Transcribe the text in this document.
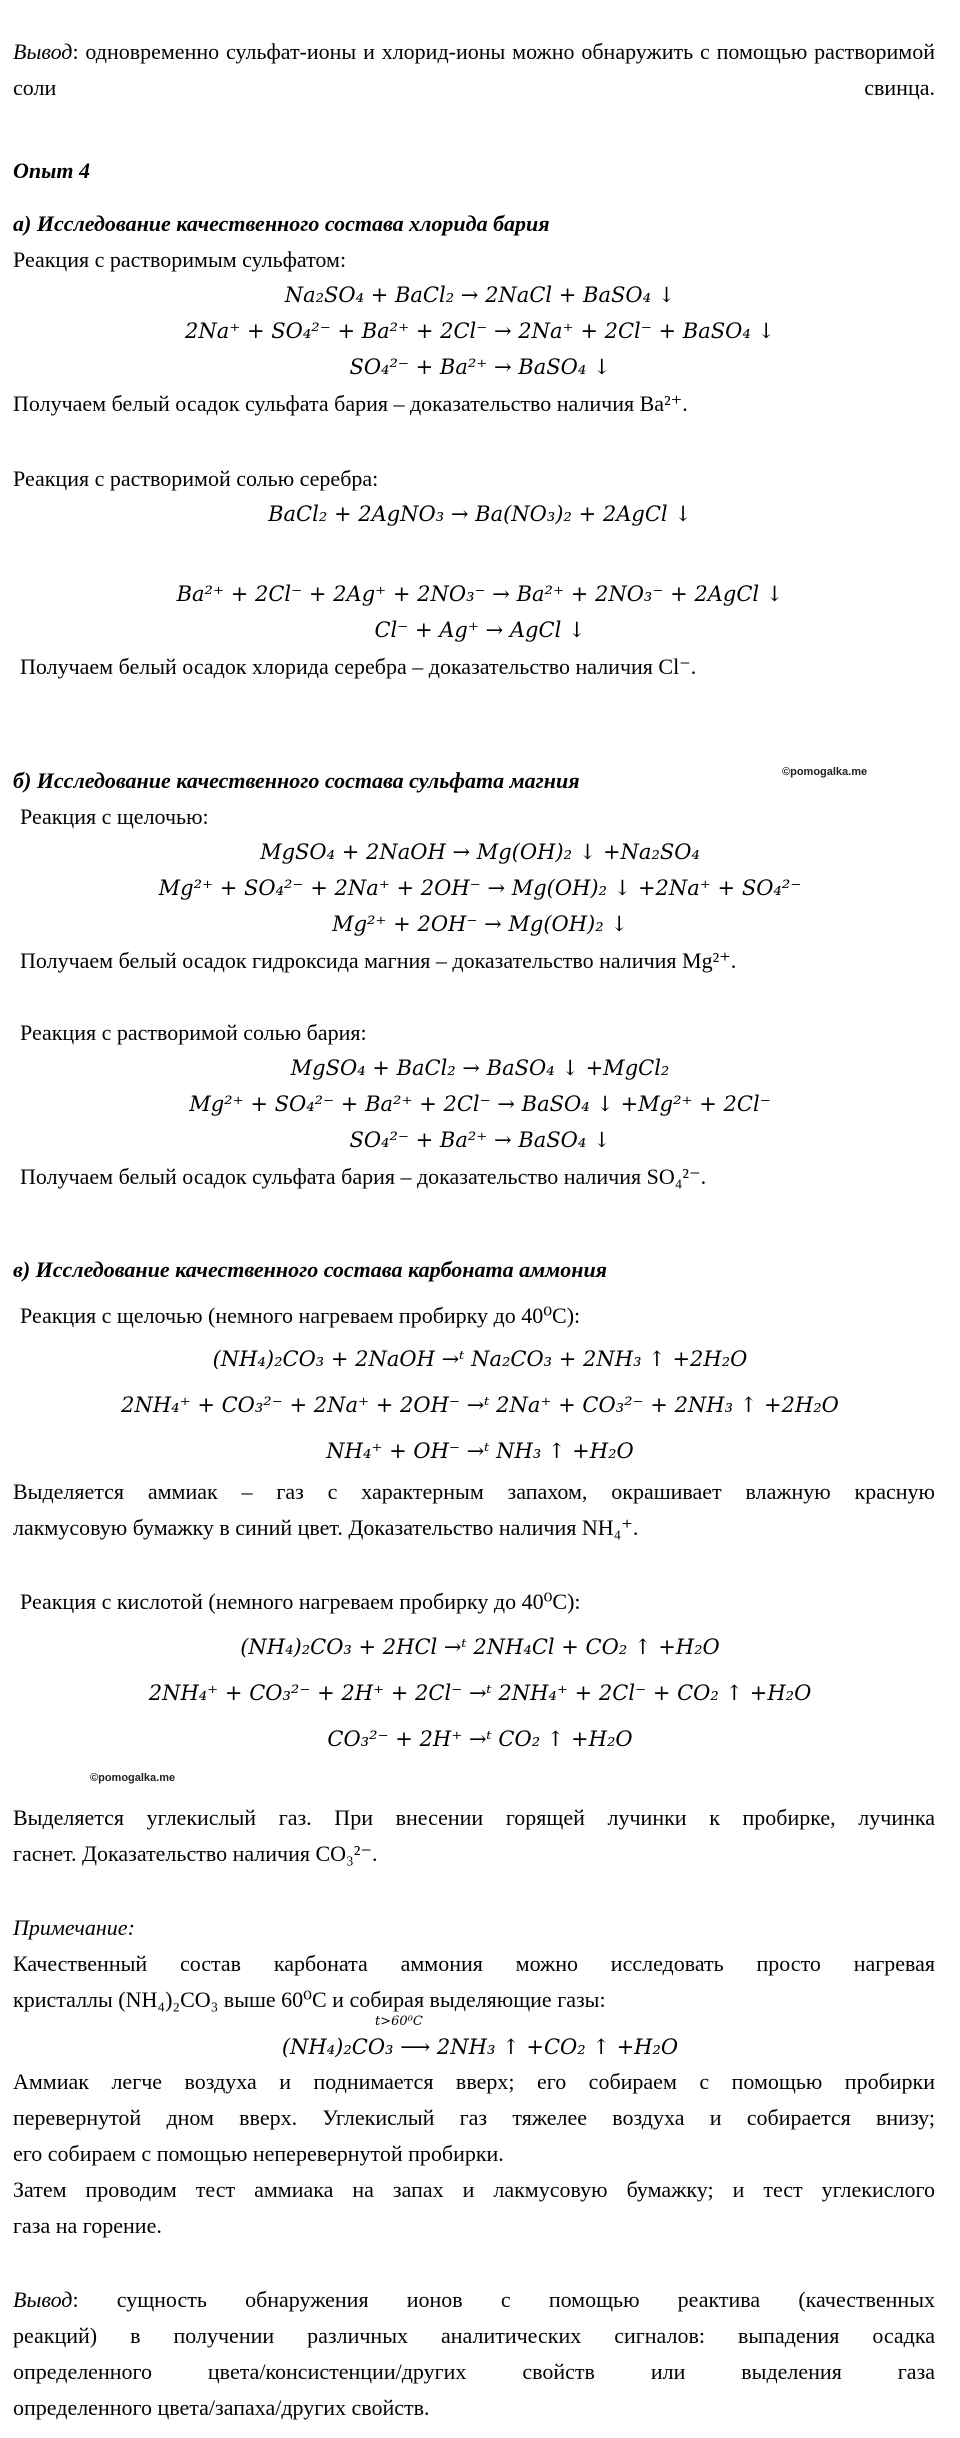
Вывод: одновременно сульфат-ионы и хлорид-ионы можно обнаружить с помощью растворимой соли свинца.
Опыт 4
а) Исследование качественного состава хлорида бария
Реакция с растворимым сульфатом:
Na₂SO₄ + BaCl₂ → 2NaCl + BaSO₄ ↓
2Na⁺ + SO₄²⁻ + Ba²⁺ + 2Cl⁻ → 2Na⁺ + 2Cl⁻ + BaSO₄ ↓
SO₄²⁻ + Ba²⁺ → BaSO₄ ↓
Получаем белый осадок сульфата бария – доказательство наличия Ba²⁺.
Реакция с растворимой солью серебра:
BaCl₂ + 2AgNO₃ → Ba(NO₃)₂ + 2AgCl ↓
Ba²⁺ + 2Cl⁻ + 2Ag⁺ + 2NO₃⁻ → Ba²⁺ + 2NO₃⁻ + 2AgCl ↓
Cl⁻ + Ag⁺ → AgCl ↓
Получаем белый осадок хлорида серебра – доказательство наличия Cl⁻.
б) Исследование качественного состава сульфата магния	©pomogalka.me
Реакция с щелочью:
MgSO₄ + 2NaOH → Mg(OH)₂ ↓ +Na₂SO₄
Mg²⁺ + SO₄²⁻ + 2Na⁺ + 2OH⁻ → Mg(OH)₂ ↓ +2Na⁺ + SO₄²⁻
Mg²⁺ + 2OH⁻ → Mg(OH)₂ ↓
Получаем белый осадок гидроксида магния – доказательство наличия Mg²⁺.
Реакция с растворимой солью бария:
MgSO₄ + BaCl₂ → BaSO₄ ↓ +MgCl₂
Mg²⁺ + SO₄²⁻ + Ba²⁺ + 2Cl⁻ → BaSO₄ ↓ +Mg²⁺ + 2Cl⁻
SO₄²⁻ + Ba²⁺ → BaSO₄ ↓
Получаем белый осадок сульфата бария – доказательство наличия SO₄²⁻.
в) Исследование качественного состава карбоната аммония
Реакция с щелочью (немного нагреваем пробирку до 40⁰С):
(NH₄)₂CO₃ + 2NaOH →ᵗ Na₂CO₃ + 2NH₃ ↑ +2H₂O
2NH₄⁺ + CO₃²⁻ + 2Na⁺ + 2OH⁻ →ᵗ 2Na⁺ + CO₃²⁻ + 2NH₃ ↑ +2H₂O
NH₄⁺ + OH⁻ →ᵗ NH₃ ↑ +H₂O
Выделяется аммиак – газ с характерным запахом, окрашивает влажную красную
лакмусовую бумажку в синий цвет. Доказательство наличия NH₄⁺.
Реакция с кислотой (немного нагреваем пробирку до 40⁰С):
(NH₄)₂CO₃ + 2HCl →ᵗ 2NH₄Cl + CO₂ ↑ +H₂O
2NH₄⁺ + CO₃²⁻ + 2H⁺ + 2Cl⁻ →ᵗ 2NH₄⁺ + 2Cl⁻ + CO₂ ↑ +H₂O
CO₃²⁻ + 2H⁺ →ᵗ CO₂ ↑ +H₂O
©pomogalka.me
Выделяется углекислый газ. При внесении горящей лучинки к пробирке, лучинка
гаснет. Доказательство наличия CO₃²⁻.
Примечание:
Качественный состав карбоната аммония можно исследовать просто нагревая
кристаллы (NH₄)₂CO₃ выше 60⁰С и собирая выделяющие газы:
(NH₄)₂CO₃ ⟶ 2NH₃ ↑ +CO₂ ↑ +H₂O
t>60⁰C
Аммиак легче воздуха и поднимается вверх; его собираем с помощью пробирки
перевернутой дном вверх. Углекислый газ тяжелее воздуха и собирается внизу;
его собираем с помощью неперевернутой пробирки.
Затем проводим тест аммиака на запах и лакмусовую бумажку; и тест углекислого
газа на горение.
Вывод: сущность обнаружения ионов с помощью реактива (качественных
реакций) в получении различных аналитических сигналов: выпадения осадка
определенного цвета/консистенции/других свойств или выделения газа
определенного цвета/запаха/других свойств.
